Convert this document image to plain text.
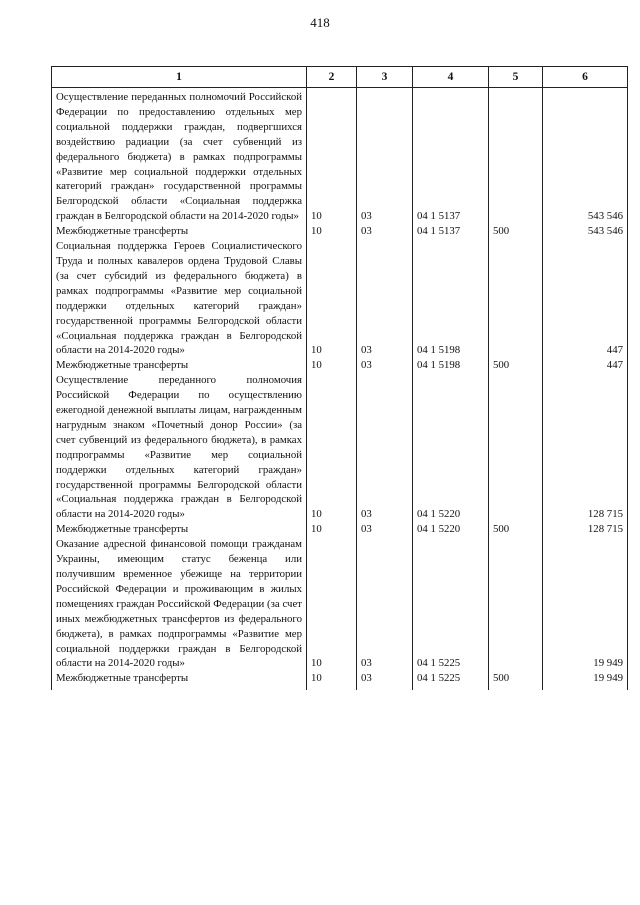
418
1	2	3	4	5	6
Осуществление переданных полномочий Российской Федерации по предоставлению отдельных мер социальной поддержки граждан, подвергшихся воздействию радиации (за счет субвенций из федерального бюджета) в рамках подпрограммы «Развитие мер социальной поддержки отдельных категорий граждан» государственной программы Белгородской области «Социальная поддержка граждан в Белгородской области на 2014-2020 годы»	10	03	04 1 5137		543 546
Межбюджетные трансферты	10	03	04 1 5137	500	543 546
Социальная поддержка Героев Социалистического Труда и полных кавалеров ордена Трудовой Славы (за счет субсидий из федерального бюджета) в рамках подпрограммы «Развитие мер социальной поддержки отдельных категорий граждан» государственной программы Белгородской области «Социальная поддержка граждан в Белгородской области на 2014-2020 годы»	10	03	04 1 5198		447
Межбюджетные трансферты	10	03	04 1 5198	500	447
Осуществление переданного полномочия Российской Федерации по осуществлению ежегодной денежной выплаты лицам, награжденным нагрудным знаком «Почетный донор России» (за счет субвенций из федерального бюджета), в рамках подпрограммы «Развитие мер социальной поддержки отдельных категорий граждан» государственной программы Белгородской области «Социальная поддержка граждан в Белгородской области на 2014-2020 годы»	10	03	04 1 5220		128 715
Межбюджетные трансферты	10	03	04 1 5220	500	128 715
Оказание адресной финансовой помощи гражданам Украины, имеющим статус беженца или получившим временное убежище на территории Российской Федерации и проживающим в жилых помещениях граждан Российской Федерации (за счет иных межбюджетных трансфертов из федерального бюджета), в рамках подпрограммы «Развитие мер социальной поддержки граждан в Белгородской области на 2014-2020 годы»	10	03	04 1 5225		19 949
Межбюджетные трансферты	10	03	04 1 5225	500	19 949
